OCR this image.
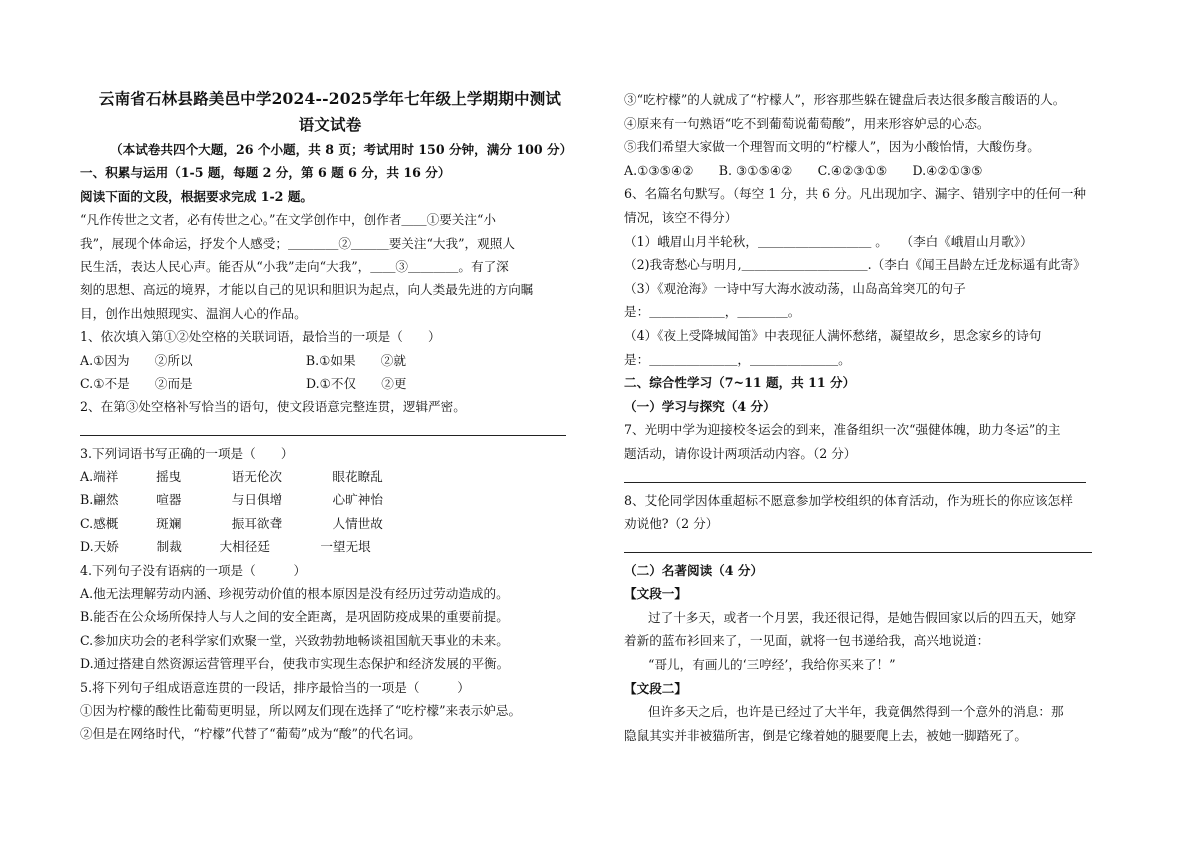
云南省石林县路美邑中学2024--2025学年七年级上学期期中测试
语文试卷
（本试卷共四个大题，26 个小题，共 8 页；考试用时 150 分钟，满分 100 分）
一、积累与运用（1-5 题，每题 2 分，第 6 题 6 分，共 16 分）
阅读下面的文段，根据要求完成 1-2 题。
“凡作传世之文者，必有传世之心。”在文学创作中，创作者＿＿①要关注“小
我”，展现个体命运，抒发个人感受；＿＿＿＿②＿＿＿要关注“大我”，观照人
民生活，表达人民心声。能否从“小我”走向“大我”，＿＿③＿＿＿＿。有了深
刻的思想、高远的境界，才能以自己的见识和胆识为起点，向人类最先进的方向瞩
目，创作出烛照现实、温润人心的作品。
1、依次填入第①②处空格的关联词语，最恰当的一项是（　　）
A.①因为　　②所以　　　　　　　　　B.①如果　　②就
C.①不是　　②而是　　　　　　　　　D.①不仅　　②更
2、在第③处空格补写恰当的语句，使文段语意完整连贯，逻辑严密。
3.下列词语书写正确的一项是（　　）
A.端祥　　　摇曳　　　　语无伦次　　　　眼花瞭乱
B.翩然　　　喧器　　　　与日俱增　　　　心旷神怡
C.感概　　　斑斓　　　　振耳欲聋　　　　人情世故
D.天娇　　　制裁　　　大相径廷　　　　一望无垠
4.下列句子没有语病的一项是（　　　）
A.他无法理解劳动内涵、珍视劳动价值的根本原因是没有经历过劳动造成的。
B.能否在公众场所保持人与人之间的安全距离，是巩固防疫成果的重要前提。
C.参加庆功会的老科学家们欢聚一堂，兴致勃勃地畅谈祖国航天事业的未来。
D.通过搭建自然资源运营管理平台，使我市实现生态保护和经济发展的平衡。
5.将下列句子组成语意连贯的一段话，排序最恰当的一项是（　　　）
①因为柠檬的酸性比葡萄更明显，所以网友们现在选择了“吃柠檬”来表示妒忌。
②但是在网络时代，“柠檬”代替了“葡萄”成为“酸”的代名词。
③“吃柠檬”的人就成了“柠檬人”，形容那些躲在键盘后表达很多酸言酸语的人。
④原来有一句熟语“吃不到葡萄说葡萄酸”，用来形容妒忌的心态。
⑤我们希望大家做一个理智而文明的“柠檬人”，因为小酸怡情，大酸伤身。
A.①③⑤④②　　B. ③①⑤④②　　C.④②③①⑤　　D.④②①③⑤
6、名篇名句默写。（每空 1 分，共 6 分。凡出现加字、漏字、错别字中的任何一种
情况，该空不得分）
（1）峨眉山月半轮秋，＿＿＿＿＿＿＿＿＿ 。　　（李白《峨眉山月歌》）
（2)我寄愁心与明月,＿＿＿＿＿＿＿＿＿＿.（李白《闻王昌龄左迁龙标遥有此寄》
（3）《观沧海》一诗中写大海水波动荡，山岛高耸突兀的句子
是：＿＿＿＿＿＿，＿＿＿＿。
（4）《夜上受降城闻笛》中表现征人满怀愁绪，凝望故乡，思念家乡的诗句
是：＿＿＿＿＿＿＿，＿＿＿＿＿＿＿。
二、综合性学习（7~11 题，共 11 分）
（一）学习与探究（4 分）
7、光明中学为迎接校冬运会的到来，准备组织一次“强健体魄，助力冬运”的主
题活动，请你设计两项活动内容。（2 分）
8、艾伦同学因体重超标不愿意参加学校组织的体育活动，作为班长的你应该怎样
劝说他?（2 分）
（二）名著阅读（4 分）
【文段一】
过了十多天，或者一个月罢，我还很记得，是她告假回家以后的四五天，她穿
着新的蓝布衫回来了，一见面，就将一包书递给我，高兴地说道：
“哥儿，有画儿的‘三哼经’，我给你买来了！”
【文段二】
但许多天之后，也许是已经过了大半年，我竟偶然得到一个意外的消息：那
隐鼠其实并非被猫所害，倒是它缘着她的腿要爬上去，被她一脚踏死了。
